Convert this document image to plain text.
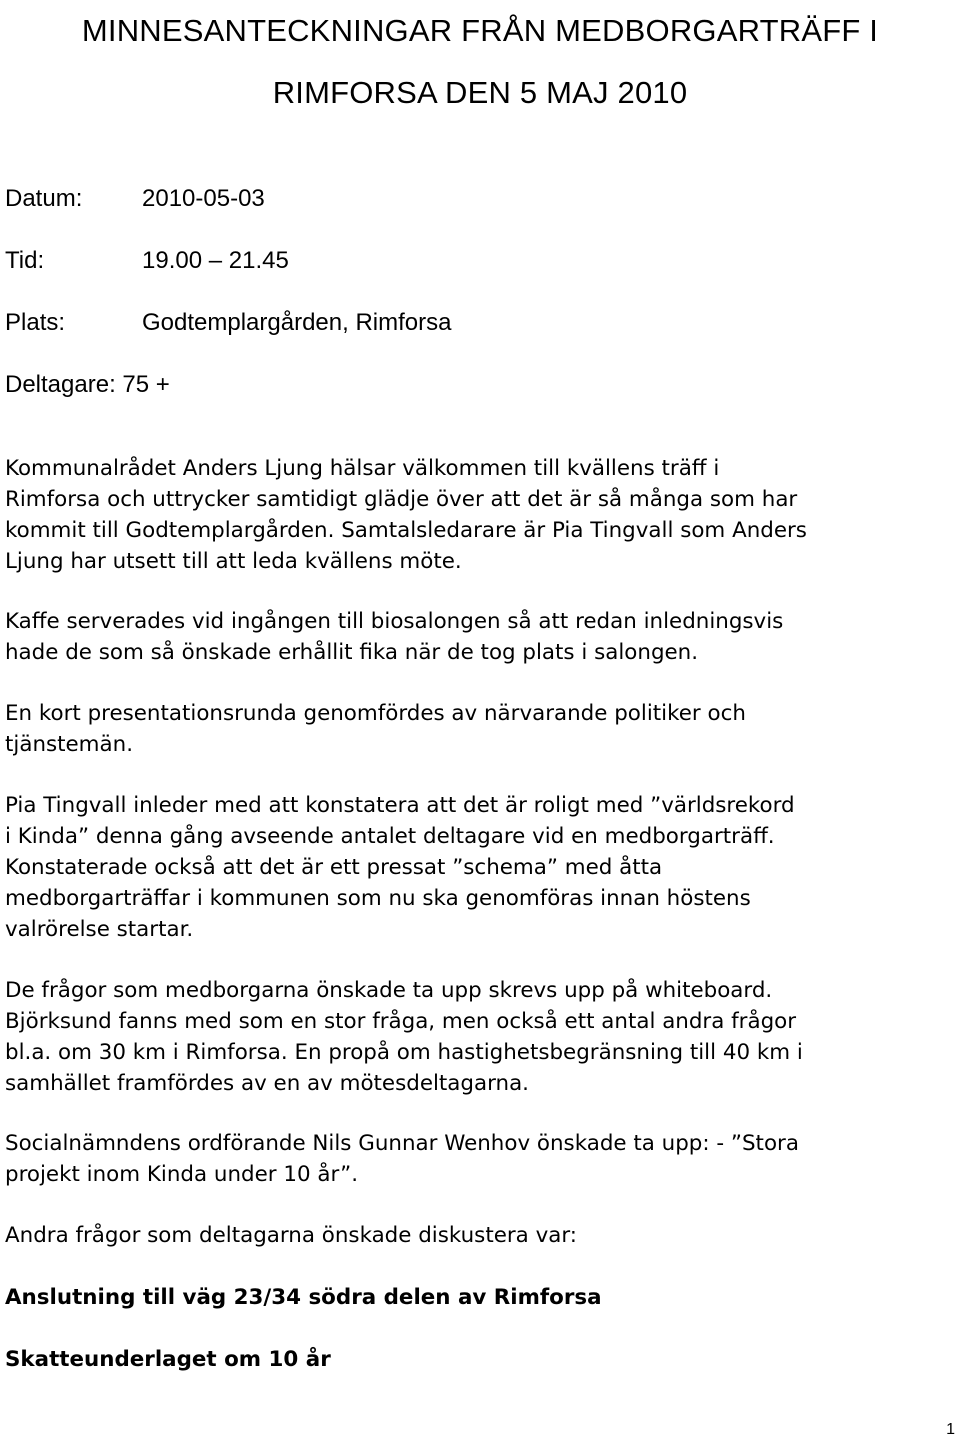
MINNESANTECKNINGAR FRÅN MEDBORGARTRÄFF I
RIMFORSA DEN 5 MAJ 2010
Datum: 2010-05-03
Tid:	19.00 – 21.45
Plats:	Godtemplargården, Rimforsa
Deltagare: 75 +

Kommunalrådet Anders Ljung hälsar välkommen till kvällens träff i
Rimforsa och uttrycker samtidigt glädje över att det är så många som har
kommit till Godtemplargården. Samtalsledarare är Pia Tingvall som Anders
Ljung har utsett till att leda kvällens möte.

Kaffe serverades vid ingången till biosalongen så att redan inledningsvis
hade de som så önskade erhållit fika när de tog plats i salongen.

En kort presentationsrunda genomfördes av närvarande politiker och
tjänstemän.

Pia Tingvall inleder med att konstatera att det är roligt med ”världsrekord
i Kinda” denna gång avseende antalet deltagare vid en medborgarträff.
Konstaterade också att det är ett pressat ”schema” med åtta
medborgarträffar i kommunen som nu ska genomföras innan höstens
valrörelse startar.

De frågor som medborgarna önskade ta upp skrevs upp på whiteboard.
Björksund fanns med som en stor fråga, men också ett antal andra frågor
bl.a. om 30 km i Rimforsa. En propå om hastighetsbegränsning till 40 km i
samhället framfördes av en av mötesdeltagarna.

Socialnämndens ordförande Nils Gunnar Wenhov önskade ta upp: - ”Stora
projekt inom Kinda under 10 år”.

Andra frågor som deltagarna önskade diskustera var:

Anslutning till väg 23/34 södra delen av Rimforsa

Skatteunderlaget om 10 år

1
